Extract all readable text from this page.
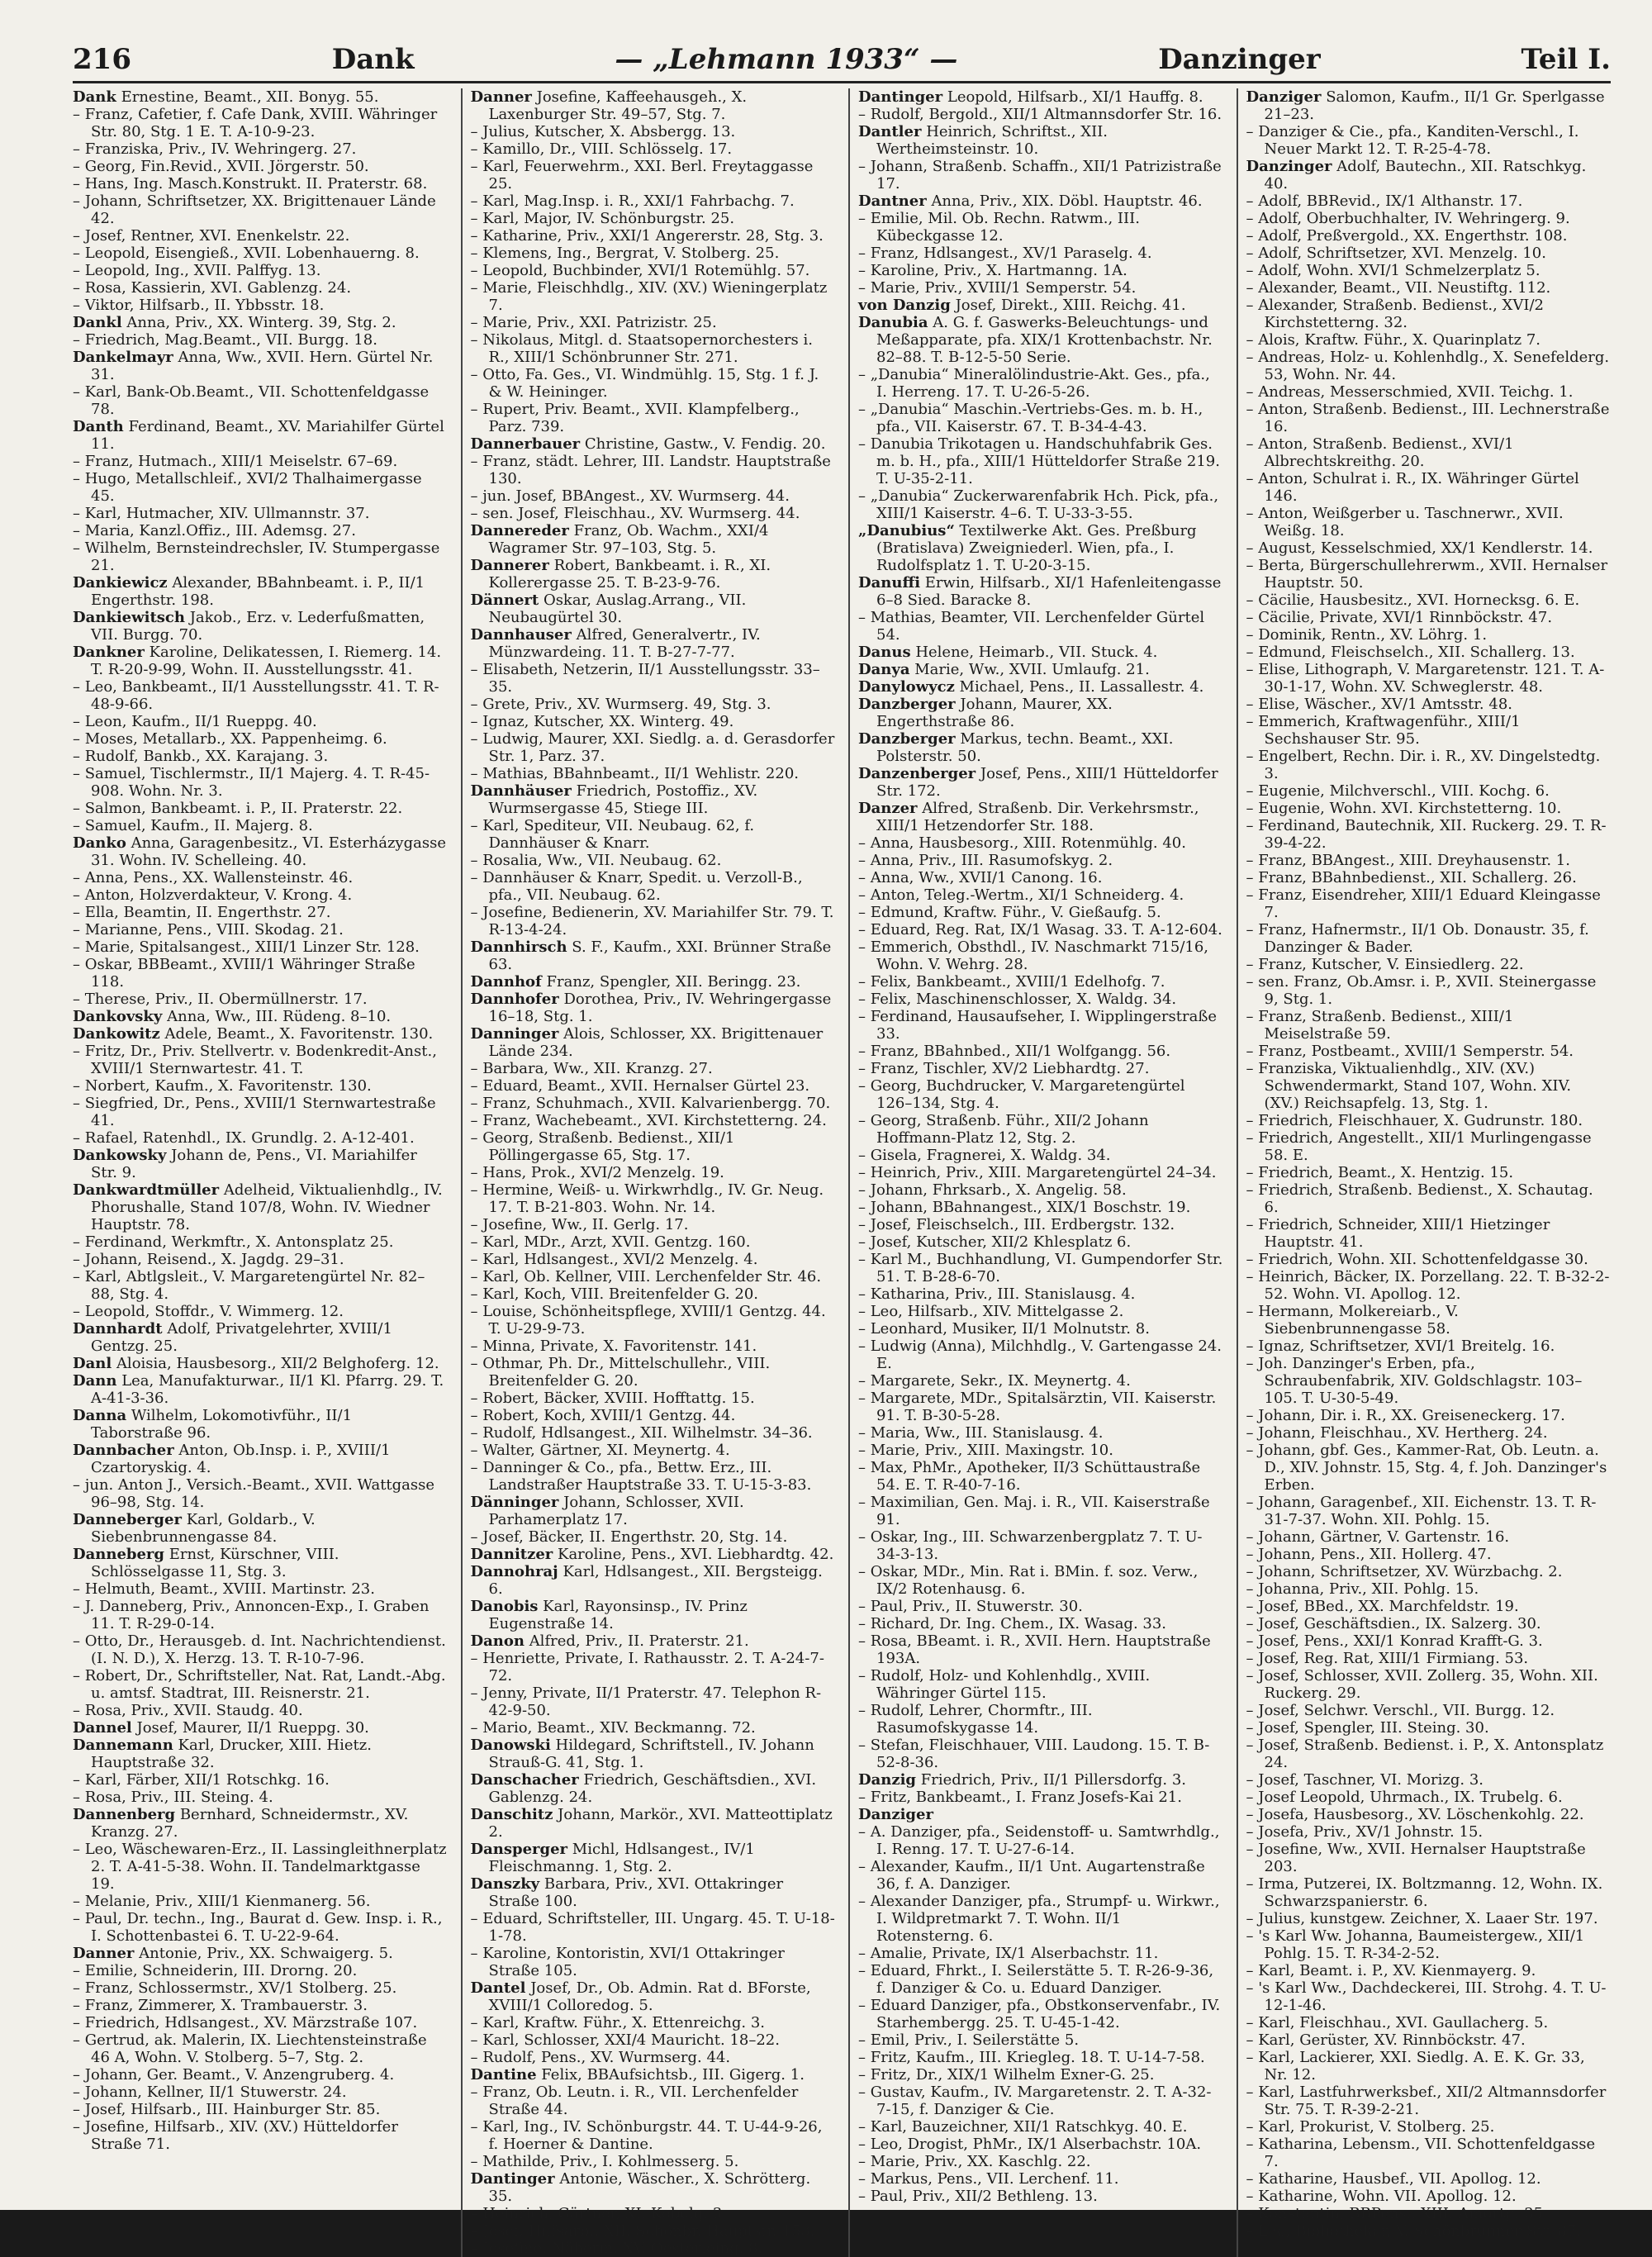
216	Dank	— „Lehmann 1933“ —	Danzinger	Teil I.

Dank Ernestine, Beamt., XII. Bonyg. 55.

– Franz, Cafetier, f. Cafe Dank, XVIII. Währinger Str. 80, Stg. 1 E. T. A-10-9-23.

– Franziska, Priv., IV. Wehringerg. 27.

– Georg, Fin.Revid., XVII. Jörgerstr. 50.

– Hans, Ing. Masch.Konstrukt. II. Praterstr. 68.

– Johann, Schriftsetzer, XX. Brigittenauer Lände 42.

– Josef, Rentner, XVI. Enenkelstr. 22.

– Leopold, Eisengieß., XVII. Lobenhauerng. 8.

– Leopold, Ing., XVII. Palffyg. 13.

– Rosa, Kassierin, XVI. Gablenzg. 24.

– Viktor, Hilfsarb., II. Ybbsstr. 18.

Dankl Anna, Priv., XX. Winterg. 39, Stg. 2.

– Friedrich, Mag.Beamt., VII. Burgg. 18.

Dankelmayr Anna, Ww., XVII. Hern. Gürtel Nr. 31.

– Karl, Bank-Ob.Beamt., VII. Schottenfeldgasse 78.

Danth Ferdinand, Beamt., XV. Mariahilfer Gürtel 11.

– Franz, Hutmach., XIII/1 Meiselstr. 67–69.

– Hugo, Metallschleif., XVI/2 Thalhaimergasse 45.

– Karl, Hutmacher, XIV. Ullmannstr. 37.

– Maria, Kanzl.Offiz., III. Ademsg. 27.

– Wilhelm, Bernsteindrechsler, IV. Stumpergasse 21.

Dankiewicz Alexander, BBahnbeamt. i. P., II/1 Engerthstr. 198.

Dankiewitsch Jakob., Erz. v. Lederfußmatten, VII. Burgg. 70.

Dankner Karoline, Delikatessen, I. Riemerg. 14. T. R-20-9-99, Wohn. II. Ausstellungsstr. 41.

– Leo, Bankbeamt., II/1 Ausstellungsstr. 41. T. R-48-9-66.

– Leon, Kaufm., II/1 Rueppg. 40.

– Moses, Metallarb., XX. Pappenheimg. 6.

– Rudolf, Bankb., XX. Karajang. 3.

– Samuel, Tischlermstr., II/1 Majerg. 4. T. R-45-908. Wohn. Nr. 3.

– Salmon, Bankbeamt. i. P., II. Praterstr. 22.

– Samuel, Kaufm., II. Majerg. 8.

Danko Anna, Garagenbesitz., VI. Esterházygasse 31. Wohn. IV. Schelleing. 40.

– Anna, Pens., XX. Wallensteinstr. 46.

– Anton, Holzverdakteur, V. Krong. 4.

– Ella, Beamtin, II. Engerthstr. 27.

– Marianne, Pens., VIII. Skodag. 21.

– Marie, Spitalsangest., XIII/1 Linzer Str. 128.

– Oskar, BBBeamt., XVIII/1 Währinger Straße 118.

– Therese, Priv., II. Obermüllnerstr. 17.

Dankovsky Anna, Ww., III. Rüdeng. 8–10.

Dankowitz Adele, Beamt., X. Favoritenstr. 130.

– Fritz, Dr., Priv. Stellvertr. v. Bodenkredit-Anst., XVIII/1 Sternwartestr. 41. T.

– Norbert, Kaufm., X. Favoritenstr. 130.

– Siegfried, Dr., Pens., XVIII/1 Sternwartestraße 41.

– Rafael, Ratenhdl., IX. Grundlg. 2. A-12-401.

Dankowsky Johann de, Pens., VI. Mariahilfer Str. 9.

Dankwardtmüller Adelheid, Viktualienhdlg., IV. Phorushalle, Stand 107/8, Wohn. IV. Wiedner Hauptstr. 78.

– Ferdinand, Werkmftr., X. Antonsplatz 25.

– Johann, Reisend., X. Jagdg. 29–31.

– Karl, Abtlgsleit., V. Margaretengürtel Nr. 82–88, Stg. 4.

– Leopold, Stoffdr., V. Wimmerg. 12.

Dannhardt Adolf, Privatgelehrter, XVIII/1 Gentzg. 25.

Danl Aloisia, Hausbesorg., XII/2 Belghoferg. 12.

Dann Lea, Manufakturwar., II/1 Kl. Pfarrg. 29. T. A-41-3-36.

Danna Wilhelm, Lokomotivführ., II/1 Taborstraße 96.

Dannbacher Anton, Ob.Insp. i. P., XVIII/1 Czartoryskig. 4.

– jun. Anton J., Versich.-Beamt., XVII. Wattgasse 96–98, Stg. 14.

Danneberger Karl, Goldarb., V. Siebenbrunnengasse 84.

Danneberg Ernst, Kürschner, VIII. Schlösselgasse 11, Stg. 3.

– Helmuth, Beamt., XVIII. Martinstr. 23.

– J. Danneberg, Priv., Annoncen-Exp., I. Graben 11. T. R-29-0-14.

– Otto, Dr., Herausgeb. d. Int. Nachrichtendienst. (I. N. D.), X. Herzg. 13. T. R-10-7-96.

– Robert, Dr., Schriftsteller, Nat. Rat, Landt.-Abg. u. amtsf. Stadtrat, III. Reisnerstr. 21.

– Rosa, Priv., XVII. Staudg. 40.

Dannel Josef, Maurer, II/1 Rueppg. 30.

Dannemann Karl, Drucker, XIII. Hietz. Hauptstraße 32.

– Karl, Färber, XII/1 Rotschkg. 16.

– Rosa, Priv., III. Steing. 4.

Dannenberg Bernhard, Schneidermstr., XV. Kranzg. 27.

– Leo, Wäschewaren-Erz., II. Lassingleithnerplatz 2. T. A-41-5-38. Wohn. II. Tandelmarktgasse 19.

– Melanie, Priv., XIII/1 Kienmanerg. 56.

– Paul, Dr. techn., Ing., Baurat d. Gew. Insp. i. R., I. Schottenbastei 6. T. U-22-9-64.

Danner Antonie, Priv., XX. Schwaigerg. 5.

– Emilie, Schneiderin, III. Drorng. 20.

– Franz, Schlossermstr., XV/1 Stolberg. 25.

– Franz, Zimmerer, X. Trambauerstr. 3.

– Friedrich, Hdlsangest., XV. Märzstraße 107.

– Gertrud, ak. Malerin, IX. Liechtensteinstraße 46 A, Wohn. V. Stolberg. 5–7, Stg. 2.

– Johann, Ger. Beamt., V. Anzengruberg. 4.

– Johann, Kellner, II/1 Stuwerstr. 24.

– Josef, Hilfsarb., III. Hainburger Str. 85.

– Josefine, Hilfsarb., XIV. (XV.) Hütteldorfer Straße 71.

Danner Josefine, Kaffeehausgeh., X. Laxenburger Str. 49–57, Stg. 7.

– Julius, Kutscher, X. Absbergg. 13.

– Kamillo, Dr., VIII. Schlösselg. 17.

– Karl, Feuerwehrm., XXI. Berl. Freytaggasse 25.

– Karl, Mag.Insp. i. R., XXI/1 Fahrbachg. 7.

– Karl, Major, IV. Schönburgstr. 25.

– Katharine, Priv., XXI/1 Angererstr. 28, Stg. 3.

– Klemens, Ing., Bergrat, V. Stolberg. 25.

– Leopold, Buchbinder, XVI/1 Rotemühlg. 57.

– Marie, Fleischhdlg., XIV. (XV.) Wieningerplatz 7.

– Marie, Priv., XXI. Patrizistr. 25.

– Nikolaus, Mitgl. d. Staatsopernorchesters i. R., XIII/1 Schönbrunner Str. 271.

– Otto, Fa. Ges., VI. Windmühlg. 15, Stg. 1 f. J. & W. Heininger.

– Rupert, Priv. Beamt., XVII. Klampfelberg., Parz. 739.

Dannerbauer Christine, Gastw., V. Fendig. 20.

– Franz, städt. Lehrer, III. Landstr. Hauptstraße 130.

– jun. Josef, BBAngest., XV. Wurmserg. 44.

– sen. Josef, Fleischhau., XV. Wurmserg. 44.

Dannereder Franz, Ob. Wachm., XXI/4 Wagramer Str. 97–103, Stg. 5.

Dannerer Robert, Bankbeamt. i. R., XI. Kollerergasse 25. T. B-23-9-76.

Dännert Oskar, Auslag.Arrang., VII. Neubaugürtel 30.

Dannhauser Alfred, Generalvertr., IV. Münzwardeing. 11. T. B-27-7-77.

– Elisabeth, Netzerin, II/1 Ausstellungsstr. 33–35.

– Grete, Priv., XV. Wurmserg. 49, Stg. 3.

– Ignaz, Kutscher, XX. Winterg. 49.

– Ludwig, Maurer, XXI. Siedlg. a. d. Gerasdorfer Str. 1, Parz. 37.

– Mathias, BBahnbeamt., II/1 Wehlistr. 220.

Dannhäuser Friedrich, Postoffiz., XV. Wurmsergasse 45, Stiege III.

– Karl, Spediteur, VII. Neubaug. 62, f. Dannhäuser & Knarr.

– Rosalia, Ww., VII. Neubaug. 62.

– Dannhäuser & Knarr, Spedit. u. Verzoll-B., pfa., VII. Neubaug. 62.

– Josefine, Bedienerin, XV. Mariahilfer Str. 79. T. R-13-4-24.

Dannhirsch S. F., Kaufm., XXI. Brünner Straße 63.

Dannhof Franz, Spengler, XII. Beringg. 23.

Dannhofer Dorothea, Priv., IV. Wehringergasse 16–18, Stg. 1.

Danninger Alois, Schlosser, XX. Brigittenauer Lände 234.

– Barbara, Ww., XII. Kranzg. 27.

– Eduard, Beamt., XVII. Hernalser Gürtel 23.

– Franz, Schuhmach., XVII. Kalvarienbergg. 70.

– Franz, Wachebeamt., XVI. Kirchstetterng. 24.

– Georg, Straßenb. Bedienst., XII/1 Pöllingergasse 65, Stg. 17.

– Hans, Prok., XVI/2 Menzelg. 19.

– Hermine, Weiß- u. Wirkwrhdlg., IV. Gr. Neug. 17. T. B-21-803. Wohn. Nr. 14.

– Josefine, Ww., II. Gerlg. 17.

– Karl, MDr., Arzt, XVII. Gentzg. 160.

– Karl, Hdlsangest., XVI/2 Menzelg. 4.

– Karl, Ob. Kellner, VIII. Lerchenfelder Str. 46.

– Karl, Koch, VIII. Breitenfelder G. 20.

– Louise, Schönheitspflege, XVIII/1 Gentzg. 44. T. U-29-9-73.

– Minna, Private, X. Favoritenstr. 141.

– Othmar, Ph. Dr., Mittelschullehr., VIII. Breitenfelder G. 20.

– Robert, Bäcker, XVIII. Hofftattg. 15.

– Robert, Koch, XVIII/1 Gentzg. 44.

– Rudolf, Hdlsangest., XII. Wilhelmstr. 34–36.

– Walter, Gärtner, XI. Meynertg. 4.

– Danninger & Co., pfa., Bettw. Erz., III. Landstraßer Hauptstraße 33. T. U-15-3-83.

Dänninger Johann, Schlosser, XVII. Parhamerplatz 17.

– Josef, Bäcker, II. Engerthstr. 20, Stg. 14.

Dannitzer Karoline, Pens., XVI. Liebhardtg. 42.

Dannohraj Karl, Hdlsangest., XII. Bergsteigg. 6.

Danobis Karl, Rayonsinsp., IV. Prinz Eugenstraße 14.

Danon Alfred, Priv., II. Praterstr. 21.

– Henriette, Private, I. Rathausstr. 2. T. A-24-7-72.

– Jenny, Private, II/1 Praterstr. 47. Telephon R-42-9-50.

– Mario, Beamt., XIV. Beckmanng. 72.

Danowski Hildegard, Schriftstell., IV. Johann Strauß-G. 41, Stg. 1.

Danschacher Friedrich, Geschäftsdien., XVI. Gablenzg. 24.

Danschitz Johann, Markör., XVI. Matteottiplatz 2.

Dansperger Michl, Hdlsangest., IV/1 Fleischmanng. 1, Stg. 2.

Danszky Barbara, Priv., XVI. Ottakringer Straße 100.

– Eduard, Schriftsteller, III. Ungarg. 45. T. U-18-1-78.

– Karoline, Kontoristin, XVI/1 Ottakringer Straße 105.

Dantel Josef, Dr., Ob. Admin. Rat d. BForste, XVIII/1 Colloredog. 5.

– Karl, Kraftw. Führ., X. Ettenreichg. 3.

– Karl, Schlosser, XXI/4 Mauricht. 18–22.

– Rudolf, Pens., XV. Wurmserg. 44.

Dantine Felix, BBAufsichtsb., III. Gigerg. 1.

– Franz, Ob. Leutn. i. R., VII. Lerchenfelder Straße 44.

– Karl, Ing., IV. Schönburgstr. 44. T. U-44-9-26, f. Hoerner & Dantine.

– Mathilde, Priv., I. Kohlmesserg. 5.

Dantinger Antonie, Wäscher., X. Schrötterg. 35.

– Heinrich, Gärtner, XI. Kobelg. 3.

– Josef, Hilfsarb., XII. Schönbr. Hauptstr. 153.

– Josefine, Näherin, XV. Oesterleing. 8.

Dantinger Leopold, Hilfsarb., XI/1 Hauffg. 8.

– Rudolf, Bergold., XII/1 Altmannsdorfer Str. 16.

Dantler Heinrich, Schriftst., XII. Wertheimsteinstr. 10.

– Johann, Straßenb. Schaffn., XII/1 Patrizistraße 17.

Dantner Anna, Priv., XIX. Döbl. Hauptstr. 46.

– Emilie, Mil. Ob. Rechn. Ratwm., III. Kübeckgasse 12.

– Franz, Hdlsangest., XV/1 Paraselg. 4.

– Karoline, Priv., X. Hartmanng. 1A.

– Marie, Priv., XVIII/1 Semperstr. 54.

von Danzig Josef, Direkt., XIII. Reichg. 41.

Danubia A. G. f. Gaswerks-Beleuchtungs- und Meßapparate, pfa. XIX/1 Krottenbachstr. Nr. 82–88. T. B-12-5-50 Serie.

– „Danubia“ Mineralölindustrie-Akt. Ges., pfa., I. Herreng. 17. T. U-26-5-26.

– „Danubia“ Maschin.-Vertriebs-Ges. m. b. H., pfa., VII. Kaiserstr. 67. T. B-34-4-43.

– Danubia Trikotagen u. Handschuhfabrik Ges. m. b. H., pfa., XIII/1 Hütteldorfer Straße 219. T. U-35-2-11.

– „Danubia“ Zuckerwarenfabrik Hch. Pick, pfa., XIII/1 Kaiserstr. 4–6. T. U-33-3-55.

„Danubius“ Textilwerke Akt. Ges. Preßburg (Bratislava) Zweigniederl. Wien, pfa., I. Rudolfsplatz 1. T. U-20-3-15.

Danuffi Erwin, Hilfsarb., XI/1 Hafenleitengasse 6–8 Sied. Baracke 8.

– Mathias, Beamter, VII. Lerchenfelder Gürtel 54.

Danus Helene, Heimarb., VII. Stuck. 4.

Danya Marie, Ww., XVII. Umlaufg. 21.

Danylowycz Michael, Pens., II. Lassallestr. 4.

Danzberger Johann, Maurer, XX. Engerthstraße 86.

Danzberger Markus, techn. Beamt., XXI. Polsterstr. 50.

Danzenberger Josef, Pens., XIII/1 Hütteldorfer Str. 172.

Danzer Alfred, Straßenb. Dir. Verkehrsmstr., XIII/1 Hetzendorfer Str. 188.

– Anna, Hausbesorg., XIII. Rotenmühlg. 40.

– Anna, Priv., III. Rasumofskyg. 2.

– Anna, Ww., XVII/1 Canong. 16.

– Anton, Teleg.-Wertm., XI/1 Schneiderg. 4.

– Edmund, Kraftw. Führ., V. Gießaufg. 5.

– Eduard, Reg. Rat, IX/1 Wasag. 33. T. A-12-604.

– Emmerich, Obsthdl., IV. Naschmarkt 715/16, Wohn. V. Wehrg. 28.

– Felix, Bankbeamt., XVIII/1 Edelhofg. 7.

– Felix, Maschinenschlosser, X. Waldg. 34.

– Ferdinand, Hausaufseher, I. Wipplingerstraße 33.

– Franz, BBahnbed., XII/1 Wolfgangg. 56.

– Franz, Tischler, XV/2 Liebhardtg. 27.

– Georg, Buchdrucker, V. Margaretengürtel 126–134, Stg. 4.

– Georg, Straßenb. Führ., XII/2 Johann Hoffmann-Platz 12, Stg. 2.

– Gisela, Fragnerei, X. Waldg. 34.

– Heinrich, Priv., XIII. Margaretengürtel 24–34.

– Johann, Fhrksarb., X. Angelig. 58.

– Johann, BBahnangest., XIX/1 Boschstr. 19.

– Josef, Fleischselch., III. Erdbergstr. 132.

– Josef, Kutscher, XII/2 Khlesplatz 6.

– Karl M., Buchhandlung, VI. Gumpendorfer Str. 51. T. B-28-6-70.

– Katharina, Priv., III. Stanislausg. 4.

– Leo, Hilfsarb., XIV. Mittelgasse 2.

– Leonhard, Musiker, II/1 Molnutstr. 8.

– Ludwig (Anna), Milchhdlg., V. Gartengasse 24. E.

– Margarete, Sekr., IX. Meynertg. 4.

– Margarete, MDr., Spitalsärztin, VII. Kaiserstr. 91. T. B-30-5-28.

– Maria, Ww., III. Stanislausg. 4.

– Marie, Priv., XIII. Maxingstr. 10.

– Max, PhMr., Apotheker, II/3 Schüttaustraße 54. E. T. R-40-7-16.

– Maximilian, Gen. Maj. i. R., VII. Kaiserstraße 91.

– Oskar, Ing., III. Schwarzenbergplatz 7. T. U-34-3-13.

– Oskar, MDr., Min. Rat i. BMin. f. soz. Verw., IX/2 Rotenhausg. 6.

– Paul, Priv., II. Stuwerstr. 30.

– Richard, Dr. Ing. Chem., IX. Wasag. 33.

– Rosa, BBeamt. i. R., XVII. Hern. Hauptstraße 193A.

– Rudolf, Holz- und Kohlenhdlg., XVIII. Währinger Gürtel 115.

– Rudolf, Lehrer, Chormftr., III. Rasumofskygasse 14.

– Stefan, Fleischhauer, VIII. Laudong. 15. T. B-52-8-36.

Danzig Friedrich, Priv., II/1 Pillersdorfg. 3.

– Fritz, Bankbeamt., I. Franz Josefs-Kai 21.

Danziger

– A. Danziger, pfa., Seidenstoff- u. Samtwrhdlg., I. Renng. 17. T. U-27-6-14.

– Alexander, Kaufm., II/1 Unt. Augartenstraße 36, f. A. Danziger.

– Alexander Danziger, pfa., Strumpf- u. Wirkwr., I. Wildpretmarkt 7. T. Wohn. II/1 Rotensterng. 6.

– Amalie, Private, IX/1 Alserbachstr. 11.

– Eduard, Fhrkt., I. Seilerstätte 5. T. R-26-9-36, f. Danziger & Co. u. Eduard Danziger.

– Eduard Danziger, pfa., Obstkonservenfabr., IV. Starhembergg. 25. T. U-45-1-42.

– Emil, Priv., I. Seilerstätte 5.

– Fritz, Kaufm., III. Kriegleg. 18. T. U-14-7-58.

– Fritz, Dr., XIX/1 Wilhelm Exner-G. 25.

– Gustav, Kaufm., IV. Margaretenstr. 2. T. A-32-7-15, f. Danziger & Cie.

– Karl, Bauzeichner, XII/1 Ratschkyg. 40. E.

– Leo, Drogist, PhMr., IX/1 Alserbachstr. 10A.

– Marie, Priv., XX. Kaschlg. 22.

– Markus, Pens., VII. Lerchenf. 11.

– Paul, Priv., XII/2 Bethleng. 13.

Danziger Salomon, Kaufm., II/1 Gr. Sperlgasse 21–23.

– Danziger & Cie., pfa., Kanditen-Verschl., I. Neuer Markt 12. T. R-25-4-78.

Danzinger Adolf, Bautechn., XII. Ratschkyg. 40.

– Adolf, BBRevid., IX/1 Althanstr. 17.

– Adolf, Oberbuchhalter, IV. Wehringerg. 9.

– Adolf, Preßvergold., XX. Engerthstr. 108.

– Adolf, Schriftsetzer, XVI. Menzelg. 10.

– Adolf, Wohn. XVI/1 Schmelzerplatz 5.

– Alexander, Beamt., VII. Neustiftg. 112.

– Alexander, Straßenb. Bedienst., XVI/2 Kirchstetterng. 32.

– Alois, Kraftw. Führ., X. Quarinplatz 7.

– Andreas, Holz- u. Kohlenhdlg., X. Senefelderg. 53, Wohn. Nr. 44.

– Andreas, Messerschmied, XVII. Teichg. 1.

– Anton, Straßenb. Bedienst., III. Lechnerstraße 16.

– Anton, Straßenb. Bedienst., XVI/1 Albrechtskreithg. 20.

– Anton, Schulrat i. R., IX. Währinger Gürtel 146.

– Anton, Weißgerber u. Taschnerwr., XVII. Weißg. 18.

– August, Kesselschmied, XX/1 Kendlerstr. 14.

– Berta, Bürgerschullehrerwm., XVII. Hernalser Hauptstr. 50.

– Cäcilie, Hausbesitz., XVI. Hornecksg. 6. E.

– Cäcilie, Private, XVI/1 Rinnböckstr. 47.

– Dominik, Rentn., XV. Löhrg. 1.

– Edmund, Fleischselch., XII. Schallerg. 13.

– Elise, Lithograph, V. Margaretenstr. 121. T. A-30-1-17, Wohn. XV. Schweglerstr. 48.

– Elise, Wäscher., XV/1 Amtsstr. 48.

– Emmerich, Kraftwagenführ., XIII/1 Sechshauser Str. 95.

– Engelbert, Rechn. Dir. i. R., XV. Dingelstedtg. 3.

– Eugenie, Milchverschl., VIII. Kochg. 6.

– Eugenie, Wohn. XVI. Kirchstetterng. 10.

– Ferdinand, Bautechnik, XII. Ruckerg. 29. T. R-39-4-22.

– Franz, BBAngest., XIII. Dreyhausenstr. 1.

– Franz, BBahnbedienst., XII. Schallerg. 26.

– Franz, Eisendreher, XIII/1 Eduard Kleingasse 7.

– Franz, Hafnermstr., II/1 Ob. Donaustr. 35, f. Danzinger & Bader.

– Franz, Kutscher, V. Einsiedlerg. 22.

– sen. Franz, Ob.Amsr. i. P., XVII. Steinergasse 9, Stg. 1.

– Franz, Straßenb. Bedienst., XIII/1 Meiselstraße 59.

– Franz, Postbeamt., XVIII/1 Semperstr. 54.

– Franziska, Viktualienhdlg., XIV. (XV.) Schwendermarkt, Stand 107, Wohn. XIV. (XV.) Reichsapfelg. 13, Stg. 1.

– Friedrich, Fleischhauer, X. Gudrunstr. 180.

– Friedrich, Angestellt., XII/1 Murlingengasse 58. E.

– Friedrich, Beamt., X. Hentzig. 15.

– Friedrich, Straßenb. Bedienst., X. Schautag. 6.

– Friedrich, Schneider, XIII/1 Hietzinger Hauptstr. 41.

– Friedrich, Wohn. XII. Schottenfeldgasse 30.

– Heinrich, Bäcker, IX. Porzellang. 22. T. B-32-2-52. Wohn. VI. Apollog. 12.

– Hermann, Molkereiarb., V. Siebenbrunnengasse 58.

– Ignaz, Schriftsetzer, XVI/1 Breitelg. 16.

– Joh. Danzinger's Erben, pfa., Schraubenfabrik, XIV. Goldschlagstr. 103–105. T. U-30-5-49.

– Johann, Dir. i. R., XX. Greiseneckerg. 17.

– Johann, Fleischhau., XV. Hertherg. 24.

– Johann, gbf. Ges., Kammer-Rat, Ob. Leutn. a. D., XIV. Johnstr. 15, Stg. 4, f. Joh. Danzinger's Erben.

– Johann, Garagenbef., XII. Eichenstr. 13. T. R-31-7-37. Wohn. XII. Pohlg. 15.

– Johann, Gärtner, V. Gartenstr. 16.

– Johann, Pens., XII. Hollerg. 47.

– Johann, Schriftsetzer, XV. Würzbachg. 2.

– Johanna, Priv., XII. Pohlg. 15.

– Josef, BBed., XX. Marchfeldstr. 19.

– Josef, Geschäftsdien., IX. Salzerg. 30.

– Josef, Pens., XXI/1 Konrad Krafft-G. 3.

– Josef, Reg. Rat, XIII/1 Firmiang. 53.

– Josef, Schlosser, XVII. Zollerg. 35, Wohn. XII. Ruckerg. 29.

– Josef, Selchwr. Verschl., VII. Burgg. 12.

– Josef, Spengler, III. Steing. 30.

– Josef, Straßenb. Bedienst. i. P., X. Antonsplatz 24.

– Josef, Taschner, VI. Morizg. 3.

– Josef Leopold, Uhrmach., IX. Trubelg. 6.

– Josefa, Hausbesorg., XV. Löschenkohlg. 22.

– Josefa, Priv., XV/1 Johnstr. 15.

– Josefine, Ww., XVII. Hernalser Hauptstraße 203.

– Irma, Putzerei, IX. Boltzmanng. 12, Wohn. IX. Schwarzspanierstr. 6.

– Julius, kunstgew. Zeichner, X. Laaer Str. 197.

– 's Karl Ww. Johanna, Baumeistergew., XII/1 Pohlg. 15. T. R-34-2-52.

– Karl, Beamt. i. P., XV. Kienmayerg. 9.

– 's Karl Ww., Dachdeckerei, III. Strohg. 4. T. U-12-1-46.

– Karl, Fleischhau., XVI. Gaullacherg. 5.

– Karl, Gerüster, XV. Rinnböckstr. 47.

– Karl, Lackierer, XXI. Siedlg. A. E. K. Gr. 33, Nr. 12.

– Karl, Lastfuhrwerksbef., XII/2 Altmannsdorfer Str. 75. T. R-39-2-21.

– Karl, Prokurist, V. Stolberg. 25.

– Katharina, Lebensm., VII. Schottenfeldgasse 7.

– Katharine, Hausbef., VII. Apollog. 12.

– Katharine, Wohn. VII. Apollog. 12.

– Konstantin, BBPens., XIII. Amortg. 35.

– Leo, Bibliothekar, V. Schönbrunner Str. 87.
